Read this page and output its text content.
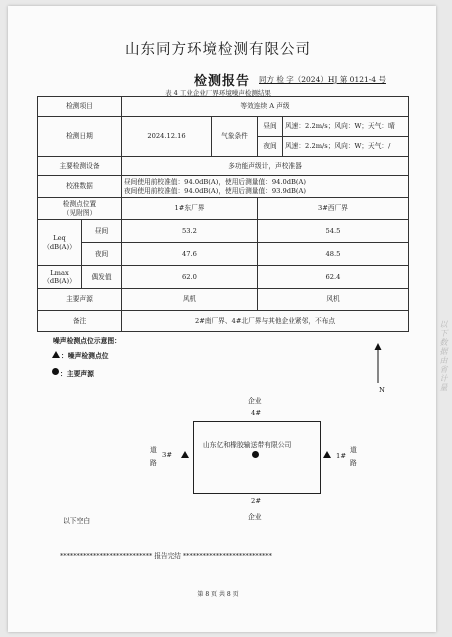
山东同方环境检测有限公司
检测报告 同方 检 字（2024）HJ 第 0121-4 号
表 4 工业企业厂界环境噪声检测结果
检测项目		等效连续 A 声级			
检测日期		2024.12.16	气象条件	昼间	风速：2.2m/s；风向：W；天气：晴
				夜间	风速：2.2m/s；风向：W；天气：/
主要检测设备		多功能声级计，声校准器			
校准数据		昼间使用前校准值：94.0dB(A)，使用后测量值：94.0dB(A)
夜间使用前校准值：94.0dB(A)，使用后测量值：93.9dB(A)			

检测点位置
（见附图）		1#东厂界		3#西厂界	

Leq
（dB(A)）	昼间	53.2		54.5	
	夜间	47.6		48.5	

Lmax
（dB(A)）	偶发值	62.0		62.4	
主要声源		风机		风机	
备注		2#南厂界、4#北厂界与其他企业紧邻，不布点			
噪声检测点位示意图：
：噪声检测点位
：主要声源
N
企业
4#
山东亿和橡胶输送带有限公司
3#
道
路
1#
道
路
2#
企业
以下空白
**************************** 报告完结 ***************************
第 8 页 共 8 页
以下数据由省计量
